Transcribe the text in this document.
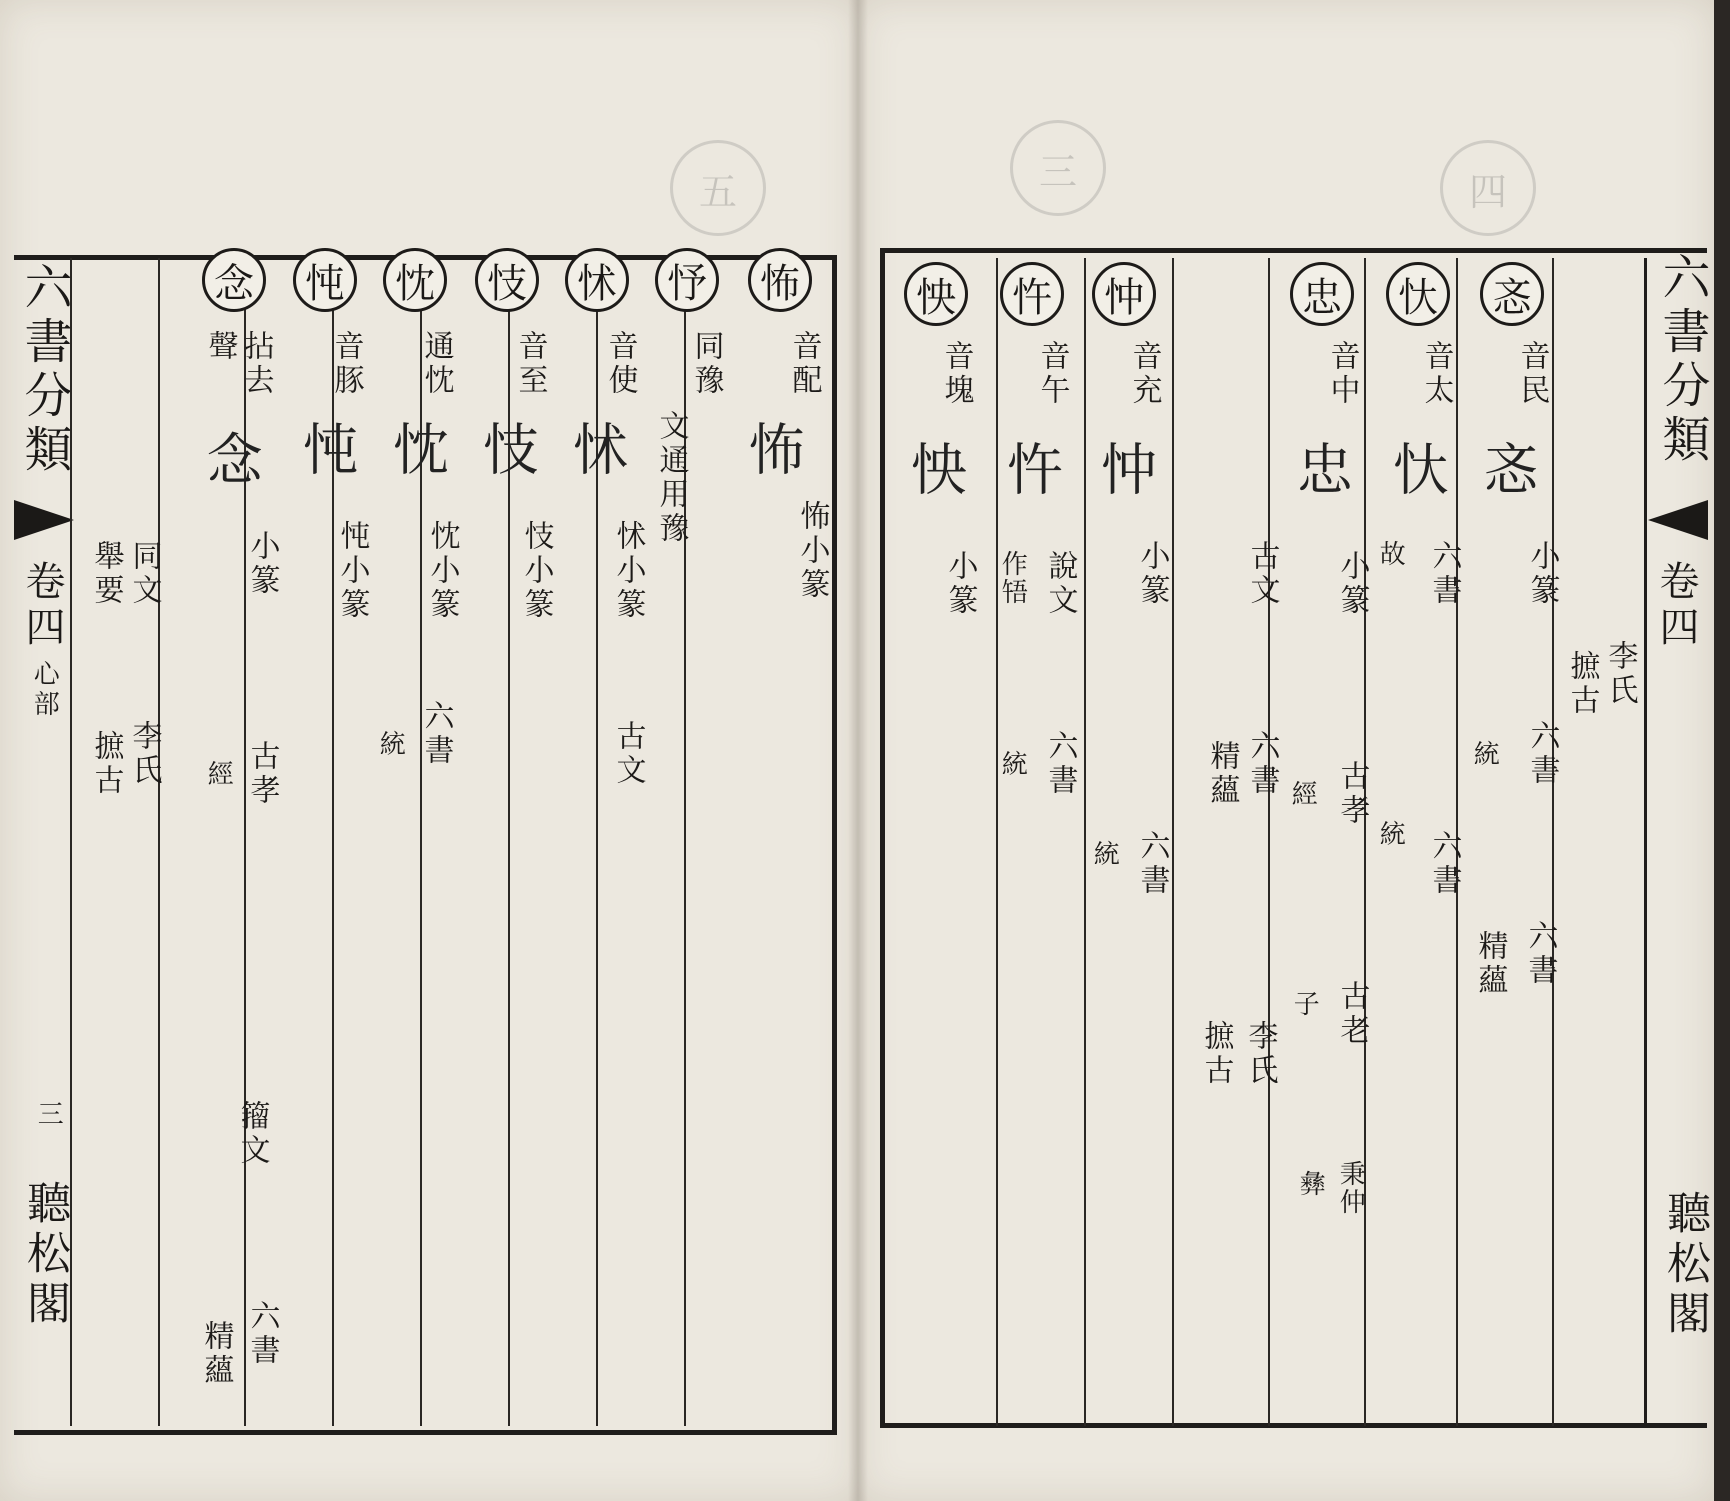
五	三	四
六書分類
卷四
心部
三
聽松閣
怖
音配
怖
怖小篆
忬
同豫
文通用豫
怵
音使
怵
怵小篆
古文
忮
音至
忮
忮小篆
忱
通忱
忱
忱小篆
六書
統
忳
音豚
忳
忳小篆
念
聲 拈去
念
小篆
古孝
經
籀文
六書
精蘊
同文
舉要
李氏
摭古
六書分類
卷四
聽松閣
李氏
摭古
忞
音民
忞
小篆
六書
統
六書
精蘊
忕
音太
忕
故 六書
統 六書
忠
音中
忠
小篆
古孝
經
古老
子
秉仲
彝
古文
六書
精蘊
李氏
摭古
忡
音充
忡
小篆
六書
統
忤
音午
忤
說文
作啎
六書
統
怏
音塊
怏
小篆
